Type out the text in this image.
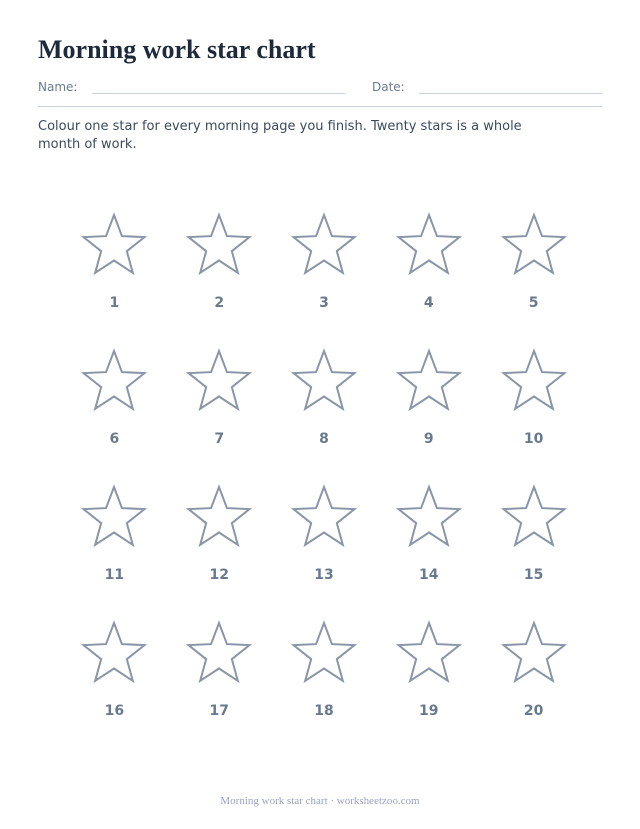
Morning work star chart
Name:	Date:

Colour one star for every morning page you finish. Twenty stars is a whole month of work.

1	2	3	4	5
6	7	8	9	10
11	12	13	14	15
16	17	18	19	20
Morning work star chart · worksheetzoo.com
